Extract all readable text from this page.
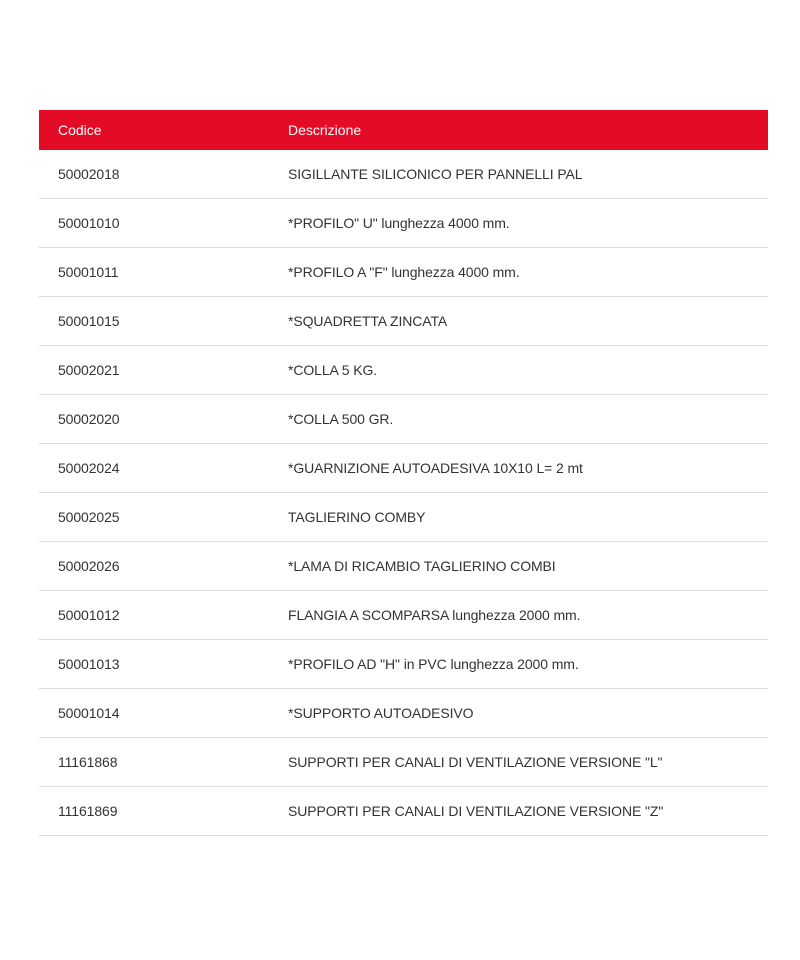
Codice	Descrizione
50002018	SIGILLANTE SILICONICO PER PANNELLI PAL
50001010	*PROFILO" U" lunghezza 4000 mm.
50001011	*PROFILO A "F" lunghezza 4000 mm.
50001015	*SQUADRETTA ZINCATA
50002021	*COLLA 5 KG.
50002020	*COLLA 500 GR.
50002024	*GUARNIZIONE AUTOADESIVA 10X10 L= 2 mt
50002025	TAGLIERINO COMBY
50002026	*LAMA DI RICAMBIO TAGLIERINO COMBI
50001012	FLANGIA A SCOMPARSA lunghezza 2000 mm.
50001013	*PROFILO AD "H" in PVC lunghezza 2000 mm.
50001014	*SUPPORTO AUTOADESIVO
11161868	SUPPORTI PER CANALI DI VENTILAZIONE VERSIONE "L"
11161869	SUPPORTI PER CANALI DI VENTILAZIONE VERSIONE "Z"
